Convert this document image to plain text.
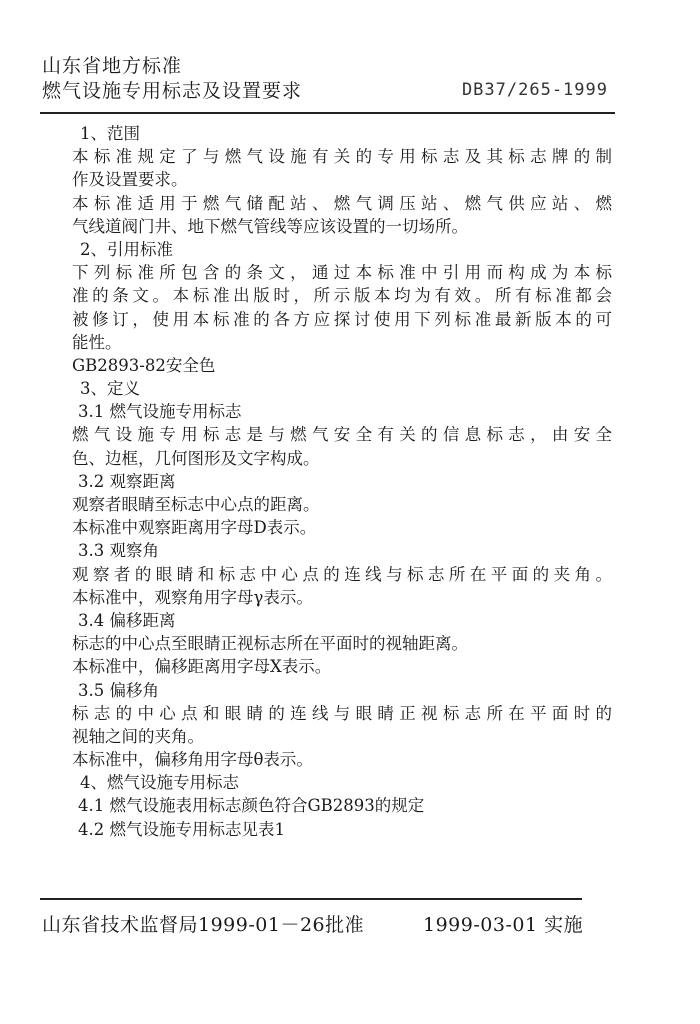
山东省地方标准
燃气设施专用标志及设置要求	DB37/265-1999
1、范围
本标准规定了与燃气设施有关的专用标志及其标志牌的制
作及设置要求。
本标准适用于燃气储配站、燃气调压站、燃气供应站、燃
气线道阀门井、地下燃气管线等应该设置的一切场所。
2、引用标准
下列标准所包含的条文，通过本标准中引用而构成为本标
准的条文。本标准出版时，所示版本均为有效。所有标准都会
被修订，使用本标准的各方应探讨使用下列标准最新版本的可
能性。
GB2893-82安全色
3、定义
3.1 燃气设施专用标志
燃气设施专用标志是与燃气安全有关的信息标志，由安全
色、边框，几何图形及文字构成。
3.2 观察距离
观察者眼睛至标志中心点的距离。
本标准中观察距离用字母D表示。
3.3 观察角
观察者的眼睛和标志中心点的连线与标志所在平面的夹角。
本标准中，观察角用字母γ表示。
3.4 偏移距离
标志的中心点至眼睛正视标志所在平面时的视轴距离。
本标准中，偏移距离用字母X表示。
3.5 偏移角
标志的中心点和眼睛的连线与眼睛正视标志所在平面时的
视轴之间的夹角。
本标准中，偏移角用字母θ表示。
4、燃气设施专用标志
4.1 燃气设施表用标志颜色符合GB2893的规定
4.2 燃气设施专用标志见表1
山东省技术监督局1999-01－26批准	1999-03-01 实施
